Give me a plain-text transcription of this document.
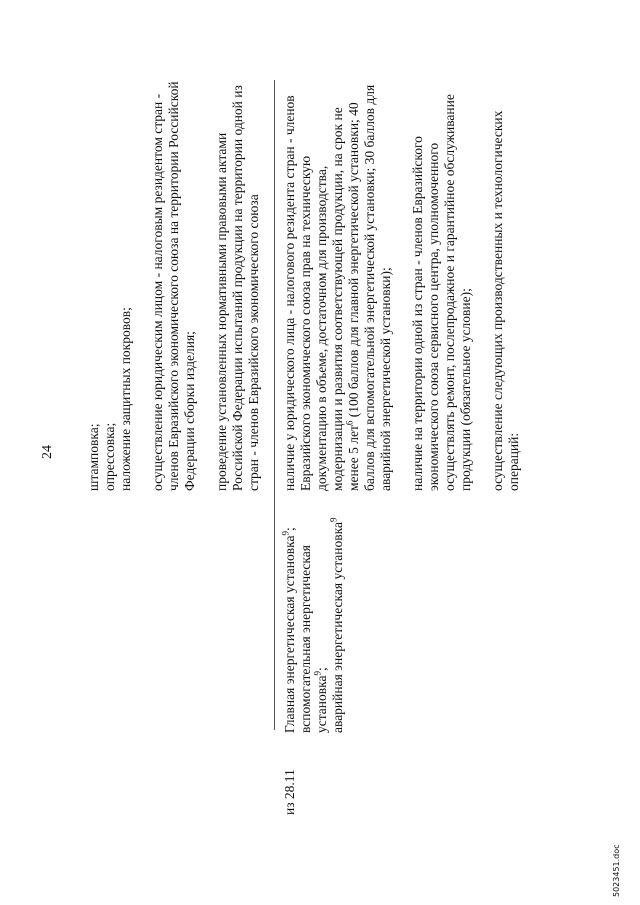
24 штамповка; опрессовка; наложение защитных покровов; осуществление юридическим лицом - налоговым резидентом стран - членов Евразийского экономического союза на территории Российской Федерации сборки изделия; проведение установленных нормативными правовыми актами Российской Федерации испытаний продукции на территории одной из стран - членов Евразийского экономического союза

из 28.11

Главная энергетическая установка$^9$;

вспомогательная энергетическая установка$^9$; аварийная энергетическая установка$^9$

наличие у юридического лица - налогового резидента стран - членов Евразийского экономического союза прав на техническую документацию в объеме, достаточном для производства, модернизации и развития соответствующей продукции, на срок не менее 5 лет$^6$ (100 баллов для главной энергетической установки; 40 баллов для вспомогательной энергетической установки; 30 баллов для аварийной энергетической установки); наличие на территории одной из стран - членов Евразийского экономического союза сервисного центра, уполномоченного осуществлять ремонт, послепродажное и гарантийное обслуживание продукции (обязательное условие); осуществление следующих производственных и технологических операций:

5023451.doc
